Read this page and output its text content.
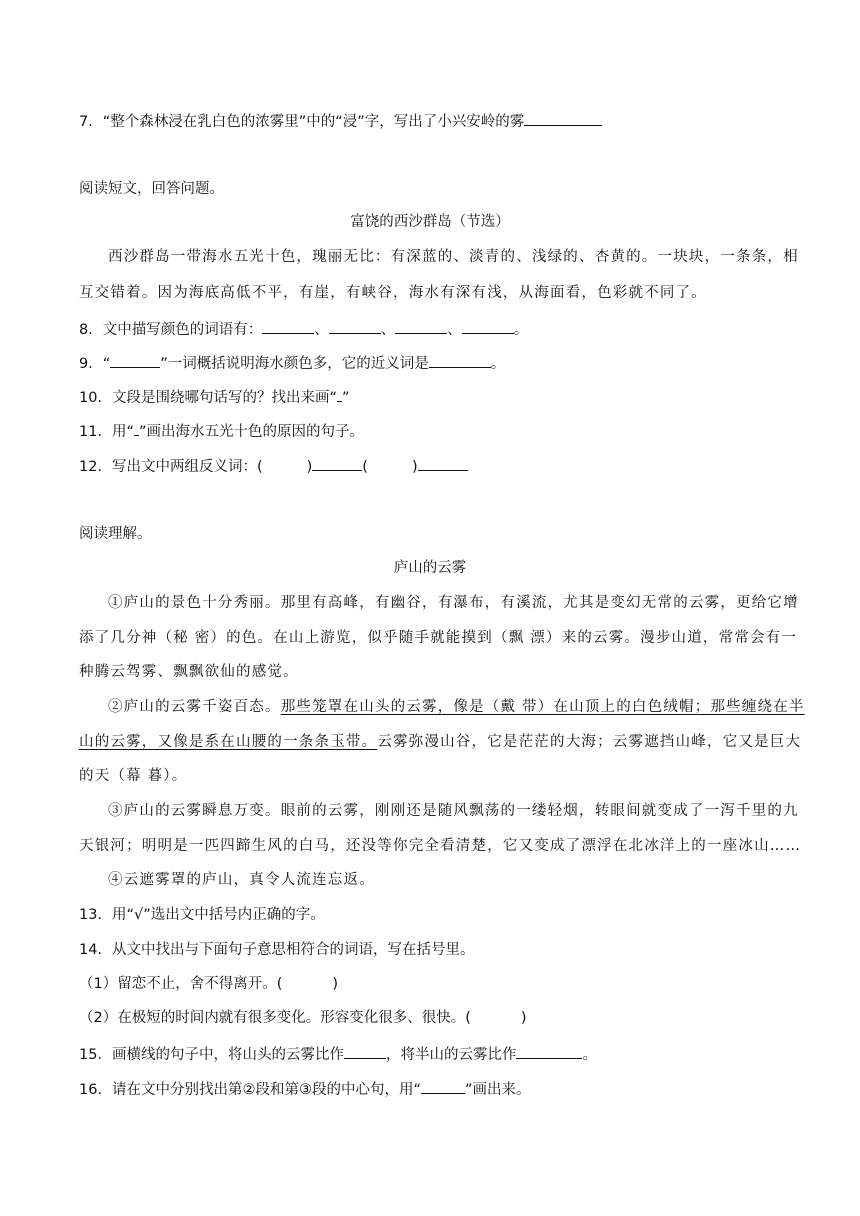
7．“整个森林浸在乳白色的浓雾里”中的“浸”字，写出了小兴安岭的雾
阅读短文，回答问题。
富饶的西沙群岛（节选）
西沙群岛一带海水五光十色，瑰丽无比：有深蓝的、淡青的、浅绿的、杏黄的。一块块，一条条，相
互交错着。因为海底高低不平，有崖，有峡谷，海水有深有浅，从海面看，色彩就不同了。
8．文中描写颜色的词语有：	、	、	、	。
9．“	”一词概括说明海水颜色多，它的近义词是	。
10．文段是围绕哪句话写的？找出来画“ ”
11．用“ ”画出海水五光十色的原因的句子。
12．写出文中两组反义词：(	)	(	)
阅读理解。
庐山的云雾
①庐山的景色十分秀丽。那里有高峰，有幽谷，有瀑布，有溪流，尤其是变幻无常的云雾，更给它增
添了几分神（秘 密）的色。在山上游览，似乎随手就能摸到（飘 漂）来的云雾。漫步山道，常常会有一
种腾云驾雾、飘飘欲仙的感觉。
②庐山的云雾千姿百态。那些笼罩在山头的云雾，像是（戴 带）在山顶上的白色绒帽；那些缠绕在半
山的云雾，又像是系在山腰的一条条玉带。云雾弥漫山谷，它是茫茫的大海；云雾遮挡山峰，它又是巨大
的天（幕 暮）。
③庐山的云雾瞬息万变。眼前的云雾，刚刚还是随风飘荡的一缕轻烟，转眼间就变成了一泻千里的九
天银河；明明是一匹四蹄生风的白马，还没等你完全看清楚，它又变成了漂浮在北冰洋上的一座冰山……
④云遮雾罩的庐山，真令人流连忘返。
13．用“√”选出文中括号内正确的字。
14．从文中找出与下面句子意思相符合的词语，写在括号里。
（1）留恋不止，舍不得离开。(	)
（2）在极短的时间内就有很多变化。形容变化很多、很快。(	)
15．画横线的句子中，将山头的云雾比作	，将半山的云雾比作	。
16．请在文中分别找出第②段和第③段的中心句，用“	”画出来。
